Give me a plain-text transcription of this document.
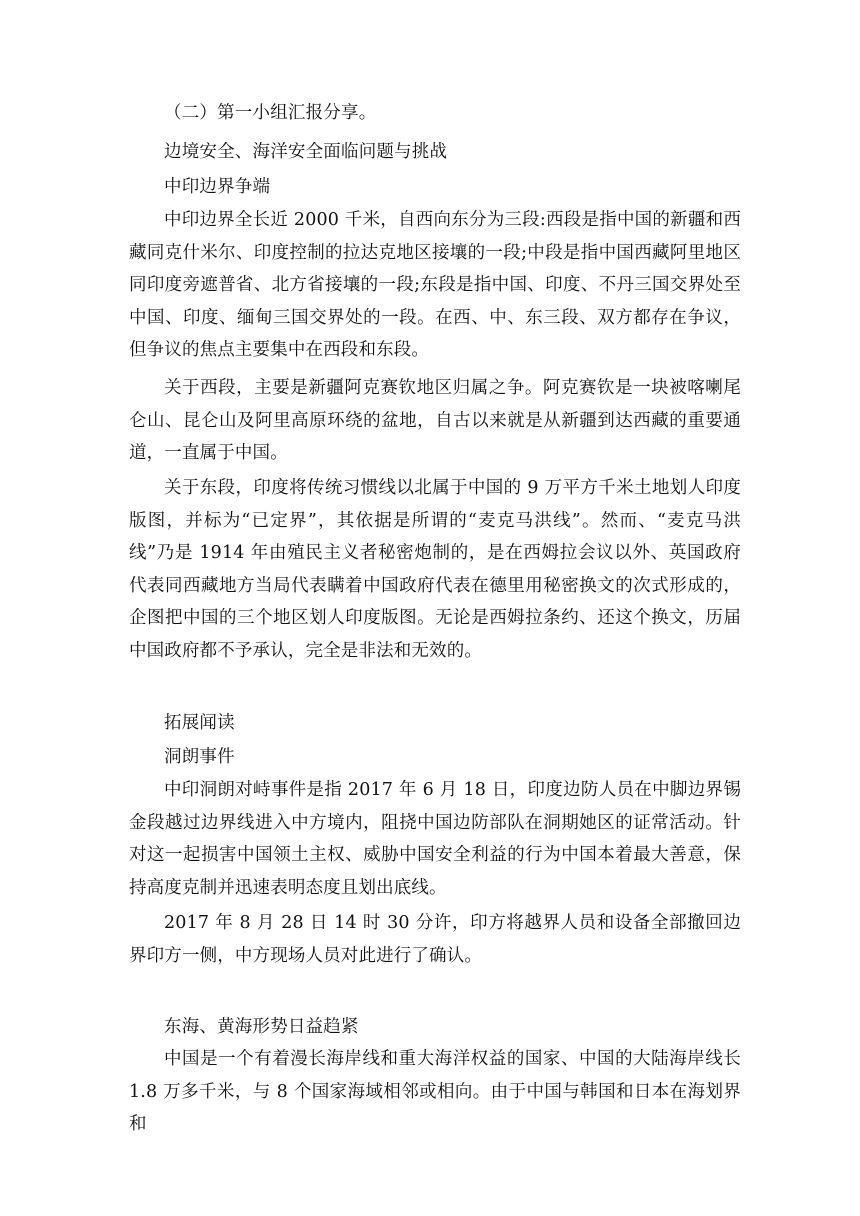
（二）第一小组汇报分享。
边境安全、海洋安全面临问题与挑战
中印边界争端
中印边界全长近 2000 千米，自西向东分为三段:西段是指中国的新疆和西藏同克什米尔、印度控制的拉达克地区接壤的一段;中段是指中国西藏阿里地区同印度旁遮普省、北方省接壤的一段;东段是指中国、印度、不丹三国交界处至中国、印度、缅甸三国交界处的一段。在西、中、东三段、双方都存在争议，但争议的焦点主要集中在西段和东段。
关于西段，主要是新疆阿克赛钦地区归属之争。阿克赛钦是一块被喀喇尾仑山、昆仑山及阿里高原环绕的盆地，自古以来就是从新疆到达西藏的重要通道，一直属于中国。
关于东段，印度将传统习惯线以北属于中国的 9 万平方千米土地划人印度版图，并标为“已定界”，其依据是所谓的“麦克马洪线”。然而、“麦克马洪线”乃是 1914 年由殖民主义者秘密炮制的，是在西姆拉会议以外、英国政府代表同西藏地方当局代表瞒着中国政府代表在德里用秘密换文的次式形成的，企图把中国的三个地区划人印度版图。无论是西姆拉条约、还这个换文，历届中国政府都不予承认，完全是非法和无效的。
拓展闻读
洞朗事件
中印洞朗对峙事件是指 2017 年 6 月 18 日，印度边防人员在中脚边界锡金段越过边界线进入中方境内，阻挠中国边防部队在洞期她区的证常活动。针对这一起损害中国领土主权、威胁中国安全利益的行为中国本着最大善意，保持高度克制并迅速表明态度且划出底线。
2017 年 8 月 28 日 14 时 30 分许，印方将越界人员和设备全部撤回边界印方一侧，中方现场人员对此进行了确认。
东海、黄海形势日益趋紧
中国是一个有着漫长海岸线和重大海洋权益的国家、中国的大陆海岸线长 1.8 万多千米，与 8 个国家海域相邻或相向。由于中国与韩国和日本在海划界和
